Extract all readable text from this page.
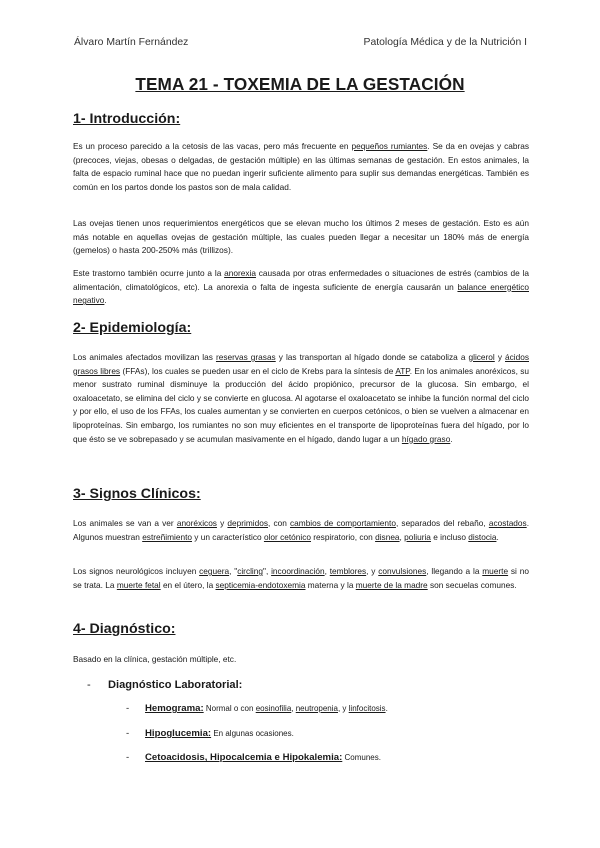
Álvaro Martín Fernández	Patología Médica y de la Nutrición I
TEMA 21 - TOXEMIA DE LA GESTACIÓN
1- Introducción:

Es un proceso parecido a la cetosis de las vacas, pero más frecuente en pequeños rumiantes. Se da en ovejas y cabras (precoces, viejas, obesas o delgadas, de gestación múltiple) en las últimas semanas de gestación. En estos animales, la falta de espacio ruminal hace que no puedan ingerir suficiente alimento para suplir sus demandas energéticas. También es común en los partos donde los pastos son de mala calidad.

Las ovejas tienen unos requerimientos energéticos que se elevan mucho los últimos 2 meses de gestación. Esto es aún más notable en aquellas ovejas de gestación múltiple, las cuales pueden llegar a necesitar un 180% más de energía (gemelos) o hasta 200-250% más (trillizos).

Este trastorno también ocurre junto a la anorexia causada por otras enfermedades o situaciones de estrés (cambios de la alimentación, climatológicos, etc). La anorexia o falta de ingesta suficiente de energía causarán un balance energético negativo.

2- Epidemiología:

Los animales afectados movilizan las reservas grasas y las transportan al hígado donde se cataboliza a glicerol y ácidos grasos libres (FFAs), los cuales se pueden usar en el ciclo de Krebs para la síntesis de ATP. En los animales anoréxicos, su menor sustrato ruminal disminuye la producción del ácido propiónico, precursor de la glucosa. Sin embargo, el oxaloacetato, se elimina del ciclo y se convierte en glucosa. Al agotarse el oxaloacetato se inhibe la función normal del ciclo y por ello, el uso de los FFAs, los cuales aumentan y se convierten en cuerpos cetónicos, o bien se vuelven a almacenar en lipoproteínas. Sin embargo, los rumiantes no son muy eficientes en el transporte de lipoproteínas fuera del hígado, por lo que ésto se ve sobrepasado y se acumulan masivamente en el hígado, dando lugar a un hígado graso.

3- Signos Clínicos:

Los animales se van a ver anoréxicos y deprimidos, con cambios de comportamiento, separados del rebaño, acostados. Algunos muestran estreñimiento y un característico olor cetónico respiratorio, con disnea, poliuria e incluso distocia.

Los signos neurológicos incluyen ceguera, "circling", incoordinación, temblores, y convulsiones, llegando a la muerte si no se trata. La muerte fetal en el útero, la septicemia-endotoxemia materna y la muerte de la madre son secuelas comunes.

4- Diagnóstico:

Basado en la clínica, gestación múltiple, etc.

- Diagnóstico Laboratorial:
- Hemograma: Normal o con eosinofilia, neutropenia, y linfocitosis.
- Hipoglucemia: En algunas ocasiones.
- Cetoacidosis, Hipocalcemia e Hipokalemia: Comunes.
